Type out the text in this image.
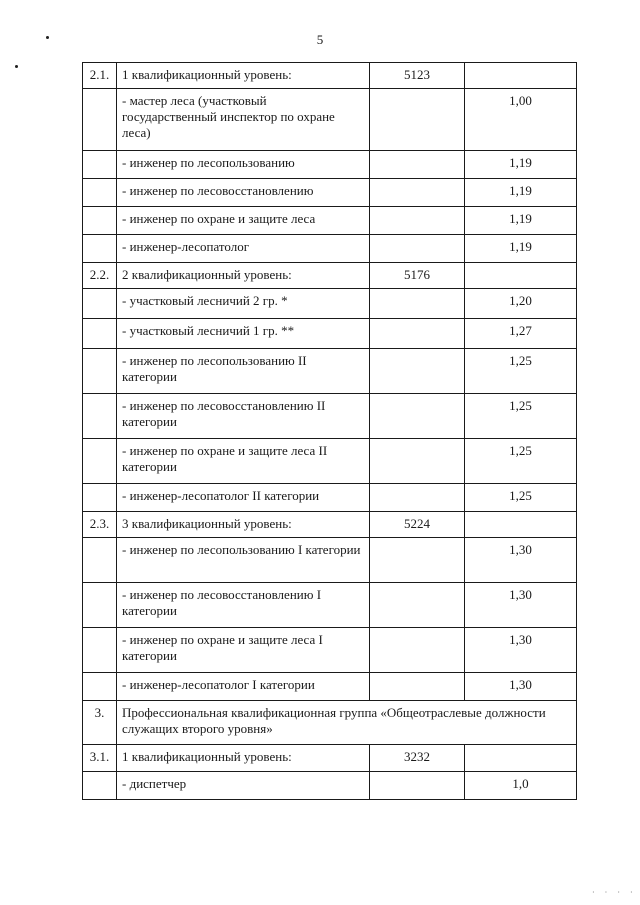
5
2.1.	1 квалификационный уровень:	5123	
	- мастер леса (участковый государственный инспектор по охране леса)		1,00
	- инженер по лесопользованию		1,19
	- инженер по лесовосстановлению		1,19
	- инженер по охране и защите леса		1,19
	- инженер-лесопатолог		1,19
2.2.	2 квалификационный уровень:	5176	
	- участковый лесничий 2 гр. *		1,20
	- участковый лесничий 1 гр. **		1,27
	- инженер по лесопользованию II категории		1,25
	- инженер по лесовосстановлению II категории		1,25
	- инженер по охране и защите леса II категории		1,25
	- инженер-лесопатолог II категории		1,25
2.3.	3 квалификационный уровень:	5224	
	- инженер по лесопользованию I категории		1,30
	- инженер по лесовосстановлению I категории		1,30
	- инженер по охране и защите леса I категории		1,30
	- инженер-лесопатолог I категории		1,30
3.	Профессиональная квалификационная группа «Общеотраслевые должности служащих второго уровня»		
3.1.	1 квалификационный уровень:	3232	
	- диспетчер		1,0
· · · ·
